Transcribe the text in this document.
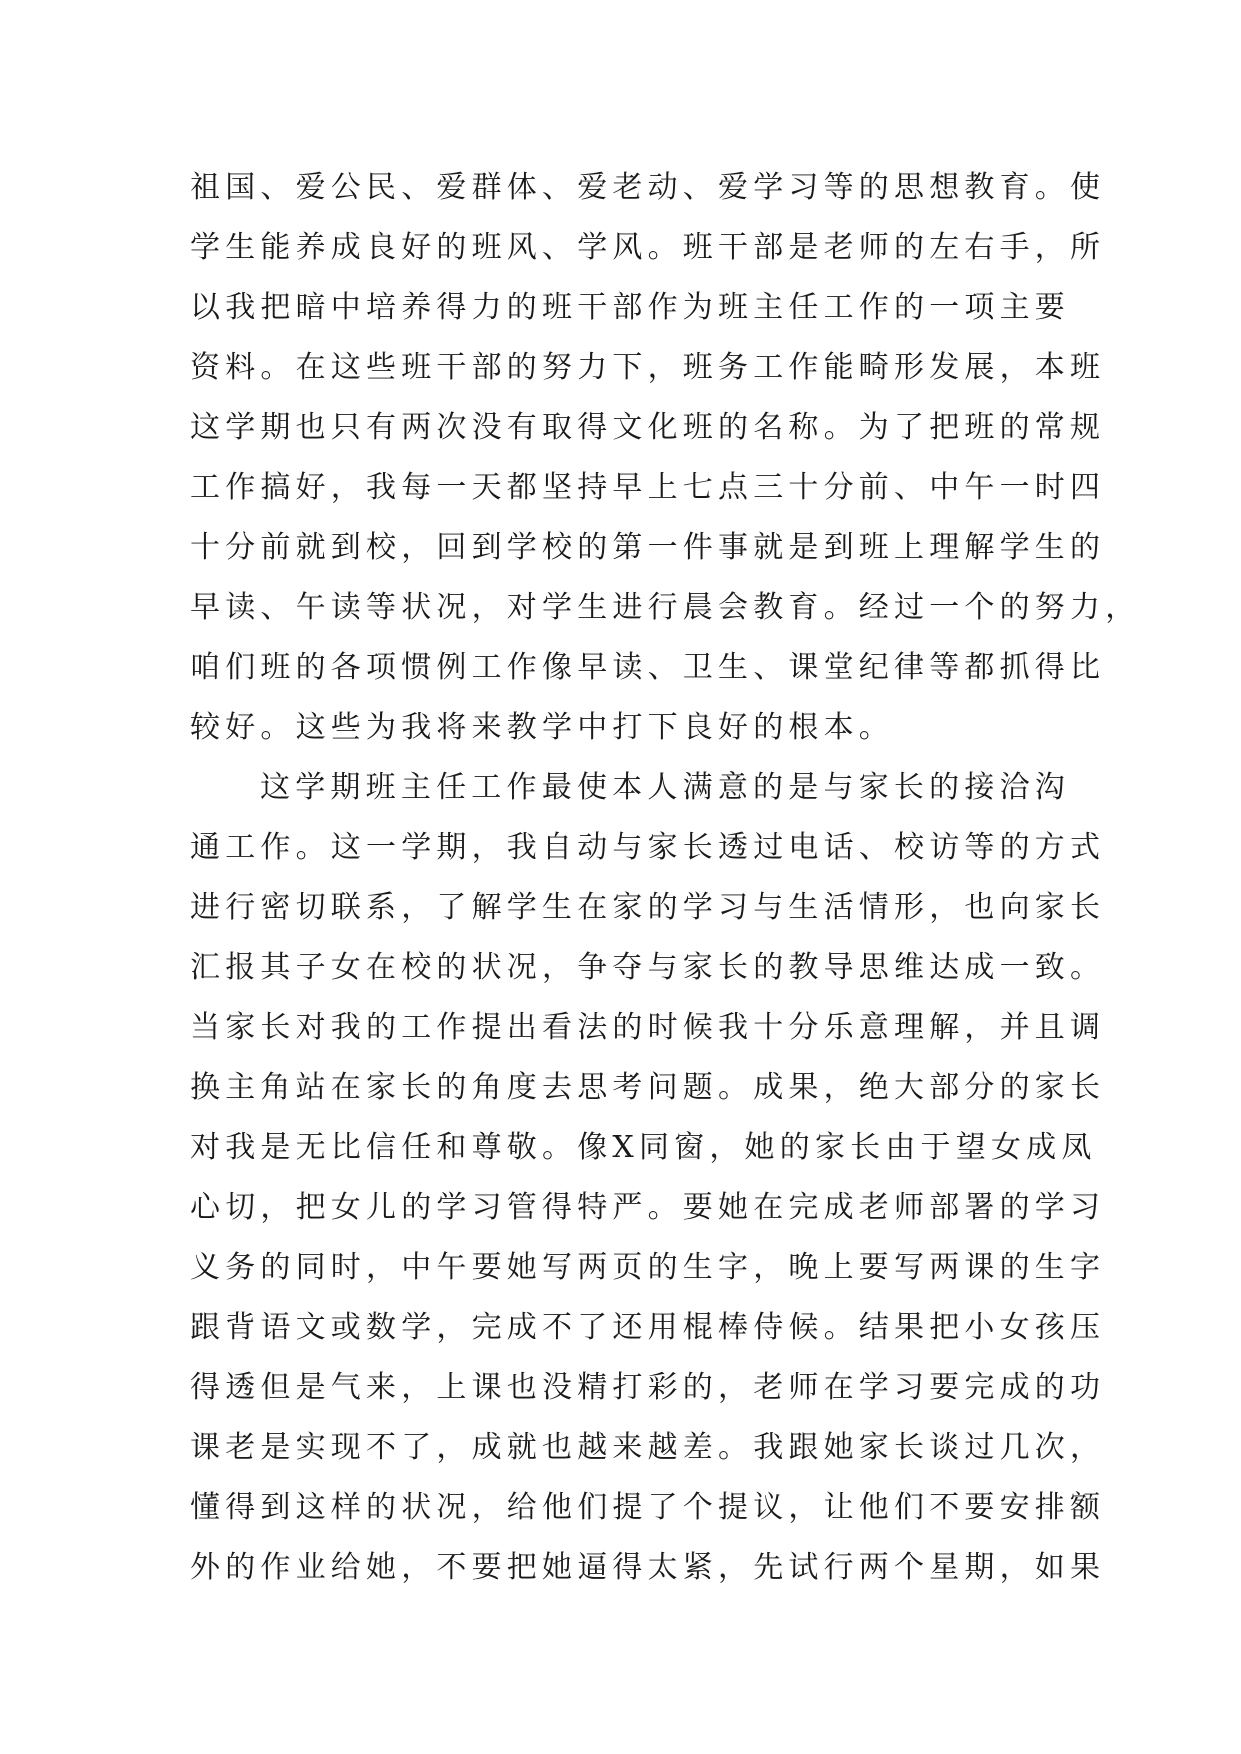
祖国、爱公民、爱群体、爱老动、爱学习等的思想教育。使
学生能养成良好的班风、学风。班干部是老师的左右手，所
以我把暗中培养得力的班干部作为班主任工作的一项主要
资料。在这些班干部的努力下，班务工作能畸形发展，本班
这学期也只有两次没有取得文化班的名称。为了把班的常规
工作搞好，我每一天都坚持早上七点三十分前、中午一时四
十分前就到校，回到学校的第一件事就是到班上理解学生的
早读、午读等状况，对学生进行晨会教育。经过一个的努力，
咱们班的各项惯例工作像早读、卫生、课堂纪律等都抓得比
较好。这些为我将来教学中打下良好的根本。
这学期班主任工作最使本人满意的是与家长的接洽沟
通工作。这一学期，我自动与家长透过电话、校访等的方式
进行密切联系，了解学生在家的学习与生活情形，也向家长
汇报其子女在校的状况，争夺与家长的教导思维达成一致。
当家长对我的工作提出看法的时候我十分乐意理解，并且调
换主角站在家长的角度去思考问题。成果，绝大部分的家长
对我是无比信任和尊敬。像X同窗，她的家长由于望女成凤
心切，把女儿的学习管得特严。要她在完成老师部署的学习
义务的同时，中午要她写两页的生字，晚上要写两课的生字
跟背语文或数学，完成不了还用棍棒侍候。结果把小女孩压
得透但是气来，上课也没精打彩的，老师在学习要完成的功
课老是实现不了，成就也越来越差。我跟她家长谈过几次，
懂得到这样的状况，给他们提了个提议，让他们不要安排额
外的作业给她，不要把她逼得太紧，先试行两个星期，如果
